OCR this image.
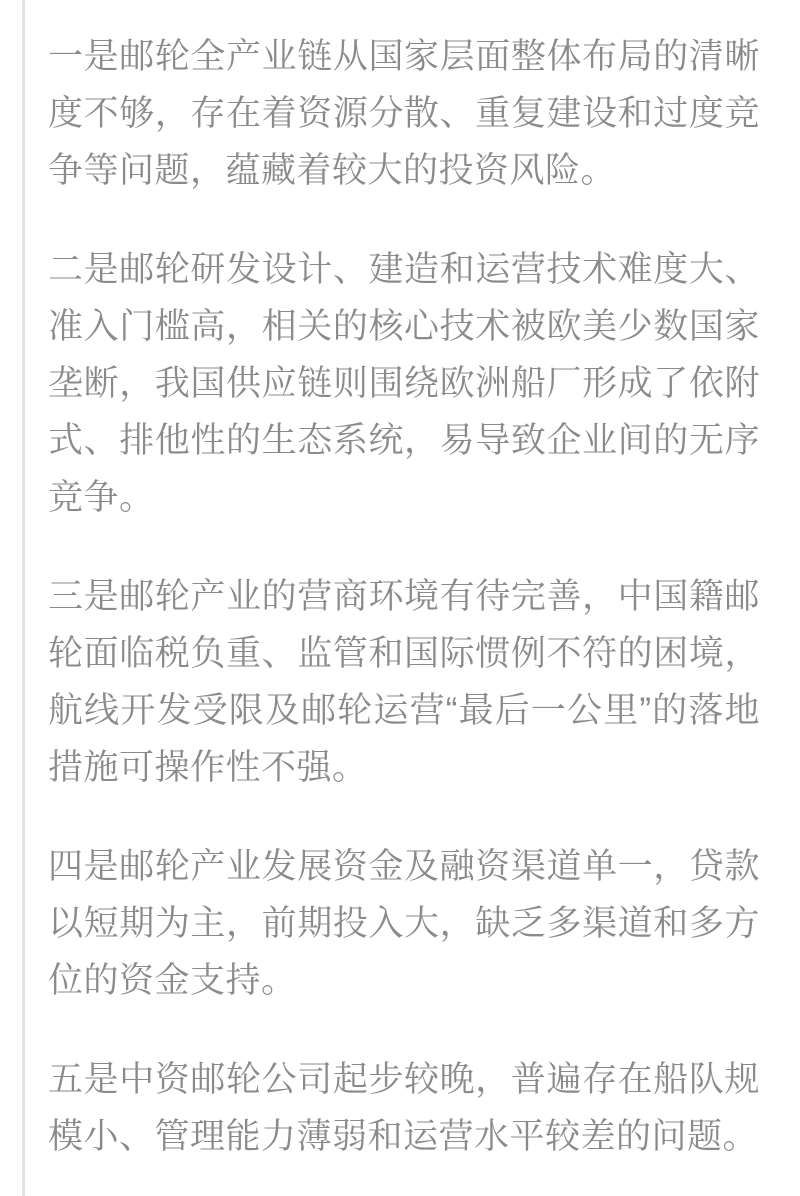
一是邮轮全产业链从国家层面整体布局的清晰度不够，存在着资源分散、重复建设和过度竞争等问题，蕴藏着较大的投资风险。

二是邮轮研发设计、建造和运营技术难度大、准入门槛高，相关的核心技术被欧美少数国家垄断，我国供应链则围绕欧洲船厂形成了依附式、排他性的生态系统，易导致企业间的无序竞争。

三是邮轮产业的营商环境有待完善，中国籍邮轮面临税负重、监管和国际惯例不符的困境，航线开发受限及邮轮运营“最后一公里”的落地措施可操作性不强。

四是邮轮产业发展资金及融资渠道单一，贷款以短期为主，前期投入大，缺乏多渠道和多方位的资金支持。

五是中资邮轮公司起步较晚，普遍存在船队规模小、管理能力薄弱和运营水平较差的问题。
